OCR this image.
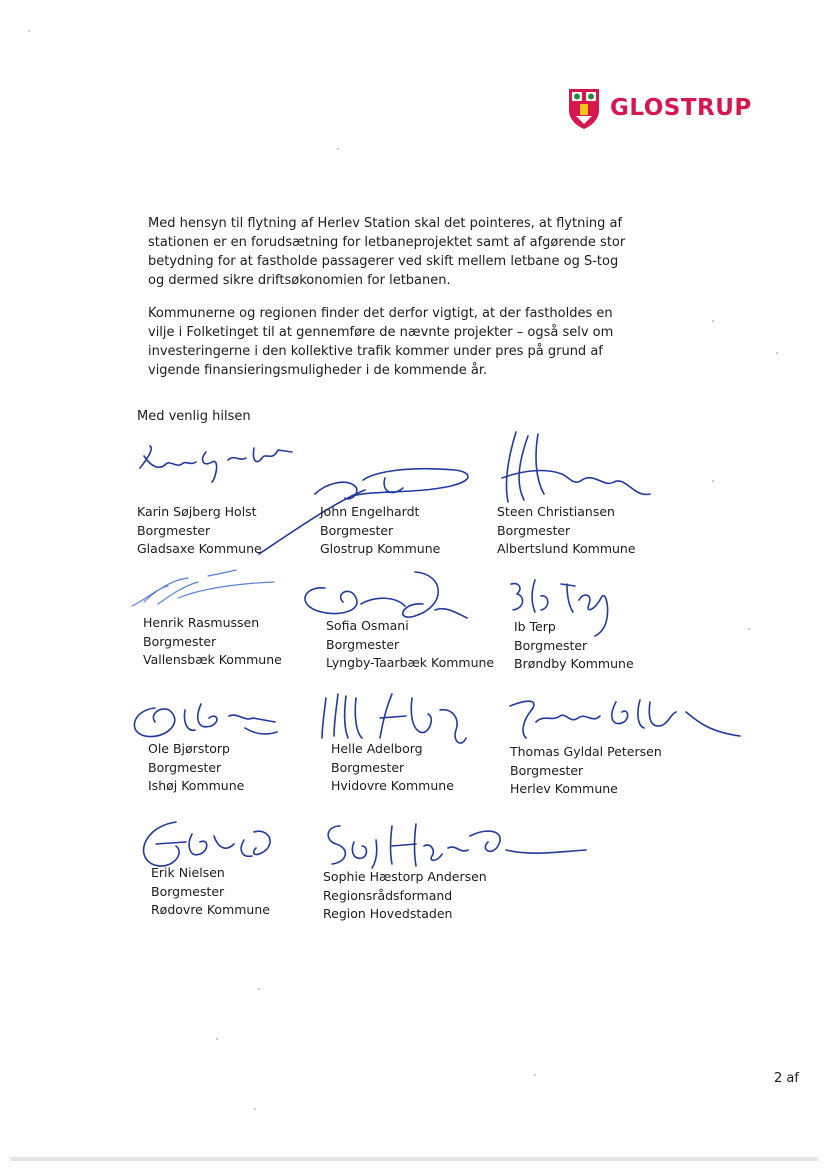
GLOSTRUP

Med hensyn til flytning af Herlev Station skal det pointeres, at flytning af stationen er en forudsætning for letbaneprojektet samt af afgørende stor betydning for at fastholde passagerer ved skift mellem letbane og S-tog og dermed sikre driftsøkonomien for letbanen.

Kommunerne og regionen finder det derfor vigtigt, at der fastholdes en vilje i Folketinget til at gennemføre de nævnte projekter – også selv om investeringerne i den kollektive trafik kommer under pres på grund af vigende finansieringsmuligheder i de kommende år.

Med venlig hilsen

Karin Søjberg Holst
Borgmester
Gladsaxe Kommune
John Engelhardt
Borgmester
Glostrup Kommune
Steen Christiansen
Borgmester
Albertslund Kommune
Henrik Rasmussen
Borgmester
Vallensbæk Kommune
Sofia Osmani
Borgmester
Lyngby-Taarbæk Kommune
Ib Terp
Borgmester
Brøndby Kommune
Ole Bjørstorp
Borgmester
Ishøj Kommune
Helle Adelborg
Borgmester
Hvidovre Kommune
Thomas Gyldal Petersen
Borgmester
Herlev Kommune
Erik Nielsen
Borgmester
Rødovre Kommune
Sophie Hæstorp Andersen
Regionsrådsformand
Region Hovedstaden
2 af
